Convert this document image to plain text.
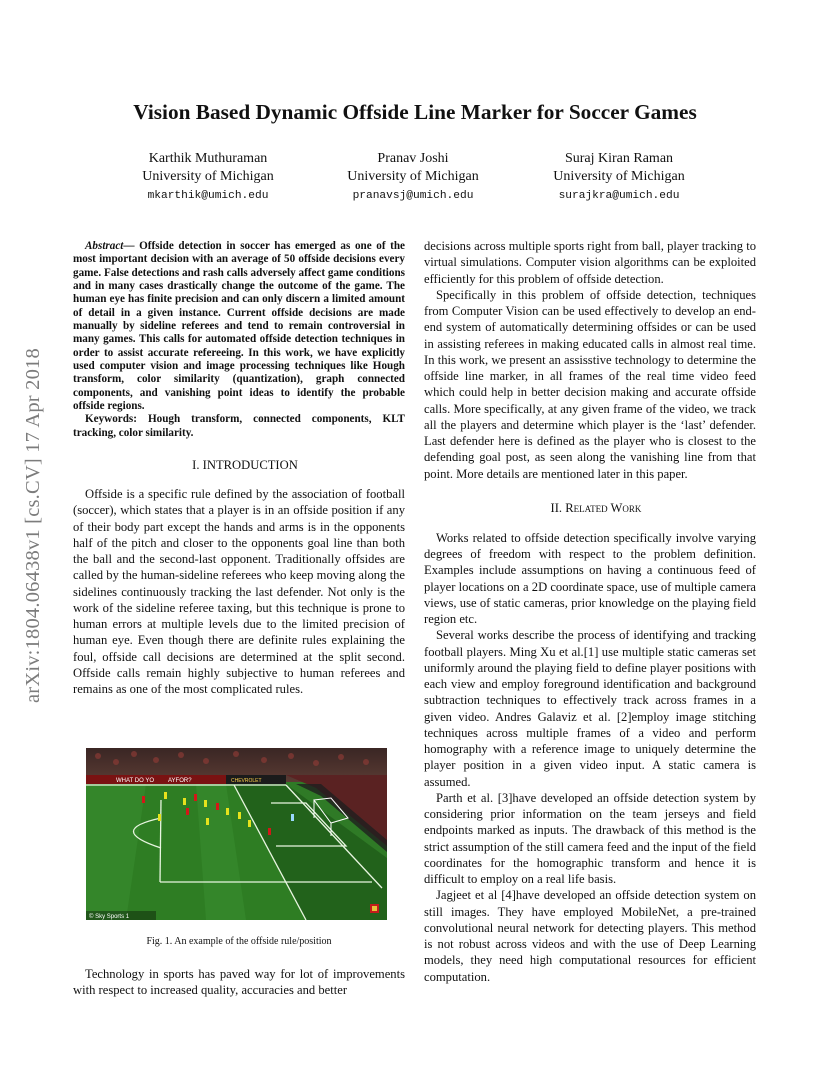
arXiv:1804.06438v1 [cs.CV] 17 Apr 2018
Vision Based Dynamic Offside Line Marker for Soccer Games
Karthik Muthuraman
University of Michigan
mkarthik@umich.edu
Pranav Joshi
University of Michigan
pranavsj@umich.edu
Suraj Kiran Raman
University of Michigan
surajkra@umich.edu

Abstract— Offside detection in soccer has emerged as one of the most important decision with an average of 50 offside decisions every game. False detections and rash calls adversely affect game conditions and in many cases drastically change the outcome of the game. The human eye has finite precision and can only discern a limited amount of detail in a given instance. Current offside decisions are made manually by sideline referees and tend to remain controversial in many games. This calls for automated offside detection techniques in order to assist accurate refereeing. In this work, we have explicitly used computer vision and image processing techniques like Hough transform, color similarity (quantization), graph connected components, and vanishing point ideas to identify the probable offside regions.

Keywords: Hough transform, connected components, KLT tracking, color similarity.

I. INTRODUCTION

Offside is a specific rule defined by the association of football (soccer), which states that a player is in an offside position if any of their body part except the hands and arms is in the opponents half of the pitch and closer to the opponents goal line than both the ball and the second-last opponent. Traditionally offsides are called by the human-sideline referees who keep moving along the sidelines continuously tracking the last defender. Not only is the work of the sideline referee taxing, but this technique is prone to human errors at multiple levels due to the limited precision of human eye. Even though there are definite rules explaining the foul, offside call decisions are determined at the split second. Offside calls remain highly subjective to human referees and remains as one of the most complicated rules.

WHAT DO YO AYFOR?	CHEVROLET
© Sky Sports 1

Fig. 1. An example of the offside rule/position

Technology in sports has paved way for lot of improvements with respect to increased quality, accuracies and better

decisions across multiple sports right from ball, player tracking to virtual simulations. Computer vision algorithms can be exploited efficiently for this problem of offside detection.

Specifically in this problem of offside detection, techniques from Computer Vision can be used effectively to develop an end-end system of automatically determining offsides or can be used in assisting referees in making educated calls in almost real time. In this work, we present an assisstive technology to determine the offside line marker, in all frames of the real time video feed which could help in better decision making and accurate offside calls. More specifically, at any given frame of the video, we track all the players and determine which player is the ‘last’ defender. Last defender here is defined as the player who is closest to the defending goal post, as seen along the vanishing line from that point. More details are mentioned later in this paper.

II. Related Work

Works related to offside detection specifically involve varying degrees of freedom with respect to the problem definition. Examples include assumptions on having a continuous feed of player locations on a 2D coordinate space, use of multiple camera views, use of static cameras, prior knowledge on the playing field region etc.

Several works describe the process of identifying and tracking football players. Ming Xu et al.[1] use multiple static cameras set uniformly around the playing field to define player positions with each view and employ foreground identification and background subtraction techniques to effectively track across frames in a given video. Andres Galaviz et al. [2]employ image stitching techniques across multiple frames of a video and perform homography with a reference image to uniquely determine the player position in a given video input. A static camera is assumed.

Parth et al. [3]have developed an offside detection system by considering prior information on the team jerseys and field endpoints marked as inputs. The drawback of this method is the strict assumption of the still camera feed and the input of the field coordinates for the homographic transform and hence it is difficult to employ on a real life basis.

Jagjeet et al [4]have developed an offside detection system on still images. They have employed MobileNet, a pre-trained convolutional neural network for detecting players. This method is not robust across videos and with the use of Deep Learning models, they need high computational resources for efficient computation.
